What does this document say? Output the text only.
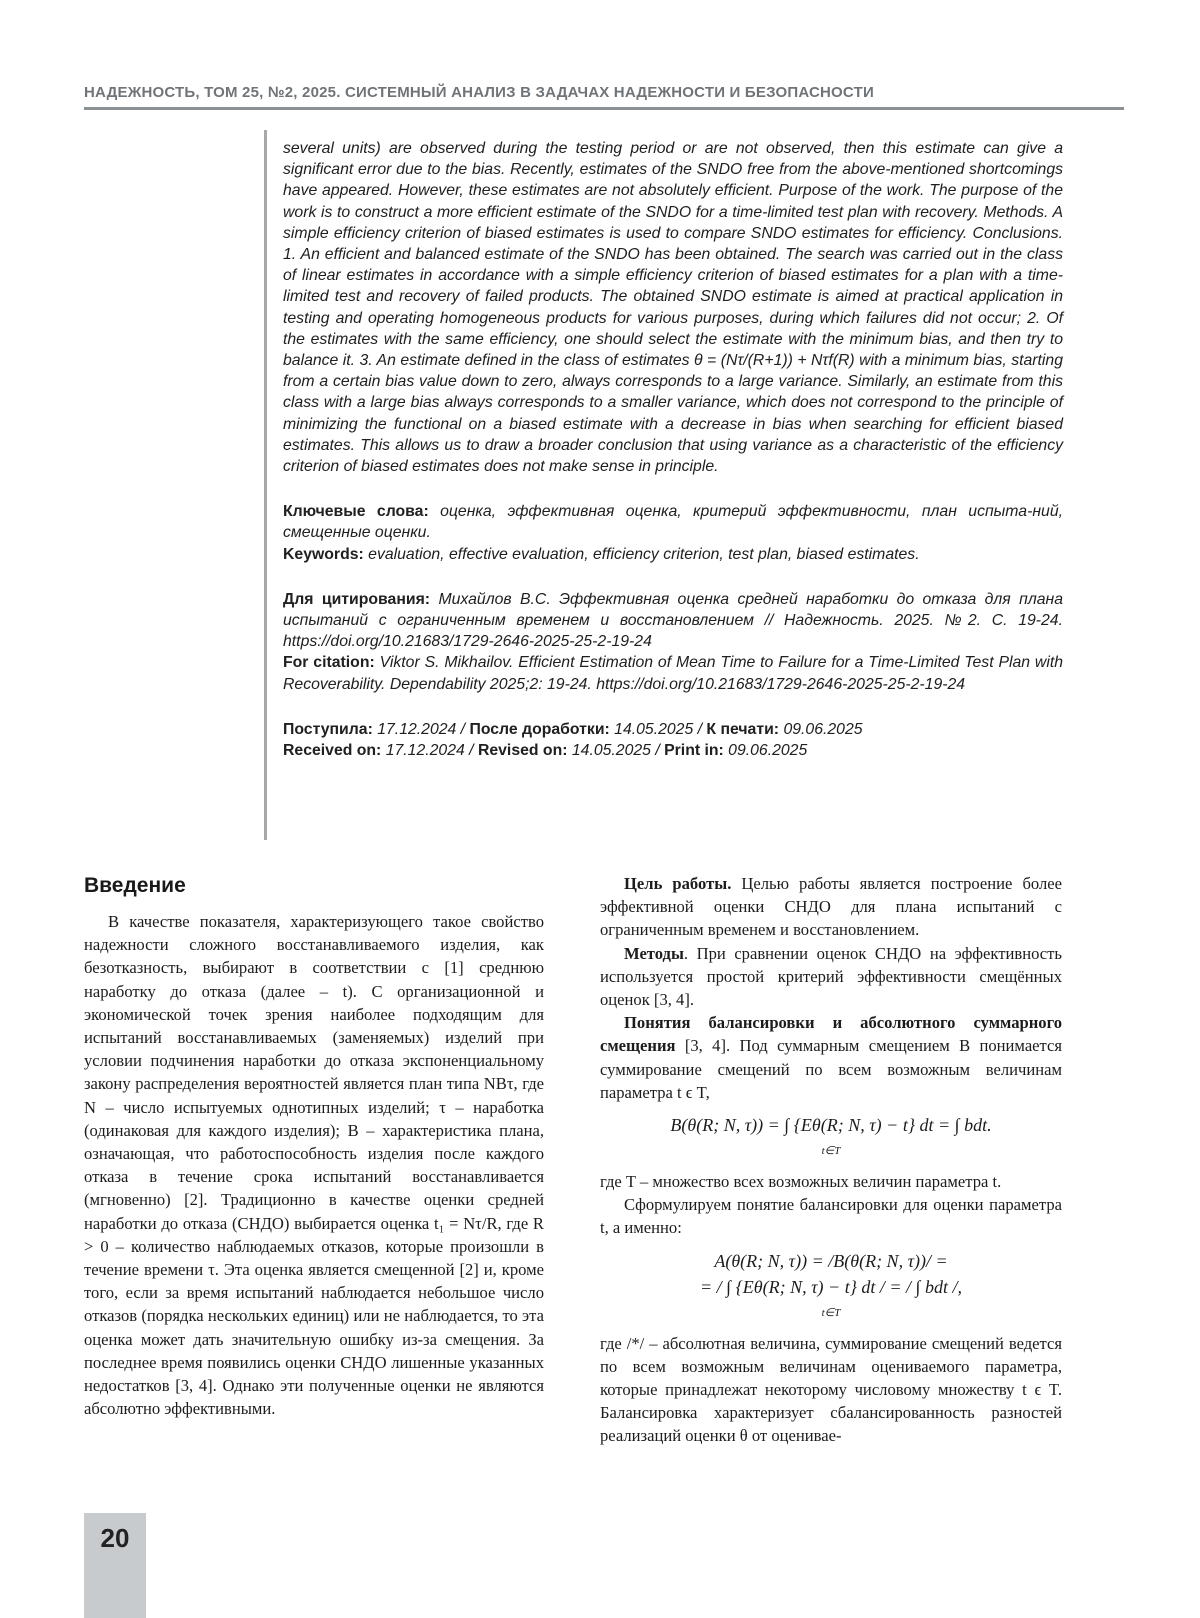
НАДЕЖНОСТЬ, ТОМ 25, №2, 2025. СИСТЕМНЫЙ АНАЛИЗ В ЗАДАЧАХ НАДЕЖНОСТИ И БЕЗОПАСНОСТИ

several units) are observed during the testing period or are not observed, then this estimate can give a significant error due to the bias. Recently, estimates of the SNDO free from the above-mentioned shortcomings have appeared. However, these estimates are not absolutely efficient. Purpose of the work. The purpose of the work is to construct a more efficient estimate of the SNDO for a time-limited test plan with recovery. Methods. A simple efficiency criterion of biased estimates is used to compare SNDO estimates for efficiency. Conclusions. 1. An efficient and balanced estimate of the SNDO has been obtained. The search was carried out in the class of linear estimates in accordance with a simple efficiency criterion of biased estimates for a plan with a time-limited test and recovery of failed products. The obtained SNDO estimate is aimed at practical application in testing and operating homogeneous products for various purposes, during which failures did not occur; 2. Of the estimates with the same efficiency, one should select the estimate with the minimum bias, and then try to balance it. 3. An estimate defined in the class of estimates θ = (Nτ/(R+1)) + Nτf(R) with a minimum bias, starting from a certain bias value down to zero, always corresponds to a large variance. Similarly, an estimate from this class with a large bias always corresponds to a smaller variance, which does not correspond to the principle of minimizing the functional on a biased estimate with a decrease in bias when searching for efficient biased estimates. This allows us to draw a broader conclusion that using variance as a characteristic of the efficiency criterion of biased estimates does not make sense in principle.

Ключевые слова: оценка, эффективная оценка, критерий эффективности, план испыта-ний, смещенные оценки.

Keywords: evaluation, effective evaluation, efficiency criterion, test plan, biased estimates.

Для цитирования: Михайлов В.С. Эффективная оценка средней наработки до отказа для плана испытаний с ограниченным временем и восстановлением // Надежность. 2025. №2. С. 19-24. https://doi.org/10.21683/1729-2646-2025-25-2-19-24

For citation: Viktor S. Mikhailov. Efficient Estimation of Mean Time to Failure for a Time-Limited Test Plan with Recoverability. Dependability 2025;2: 19-24. https://doi.org/10.21683/1729-2646-2025-25-2-19-24

Поступила: 17.12.2024 / После доработки: 14.05.2025 / К печати: 09.06.2025

Received on: 17.12.2024 / Revised on: 14.05.2025 / Print in: 09.06.2025

Введение

В качестве показателя, характеризующего такое свойство надежности сложного восстанавливаемого изделия, как безотказность, выбирают в соответствии с [1] среднюю наработку до отказа (далее – t). С организационной и экономической точек зрения наиболее подходящим для испытаний восстанавливаемых (заменяемых) изделий при условии подчинения наработки до отказа экспоненциальному закону распределения вероятностей является план типа NBτ, где N – число испытуемых однотипных изделий; τ – наработка (одинаковая для каждого изделия); B – характеристика плана, означающая, что работоспособность изделия после каждого отказа в течение срока испытаний восстанавливается (мгновенно) [2]. Традиционно в качестве оценки средней наработки до отказа (СНДО) выбирается оценка t₁ = Nτ/R, где R > 0 – количество наблюдаемых отказов, которые произошли в течение времени τ. Эта оценка является смещенной [2] и, кроме того, если за время испытаний наблюдается небольшое число отказов (порядка нескольких единиц) или не наблюдается, то эта оценка может дать значительную ошибку из-за смещения. За последнее время появились оценки СНДО лишенные указанных недостатков [3, 4]. Однако эти полученные оценки не являются абсолютно эффективными.

Цель работы. Целью работы является построение более эффективной оценки СНДО для плана испытаний с ограниченным временем и восстановлением.

Методы. При сравнении оценок СНДО на эффективность используется простой критерий эффективности смещённых оценок [3, 4].

Понятия балансировки и абсолютного суммарного смещения [3, 4]. Под суммарным смещением B понимается суммирование смещений по всем возможным величинам параметра t ϵ T,

B(θ(R; N, τ)) = ∫ {Eθ(R; N, τ) − t} dt = ∫ bdt.
t∈T

где T – множество всех возможных величин параметра t.

Сформулируем понятие балансировки для оценки параметра t, а именно:

A(θ(R; N, τ)) = /B(θ(R; N, τ))/ =
= / ∫ {Eθ(R; N, τ) − t} dt / = / ∫ bdt /,
t∈T

где /*/ – абсолютная величина, суммирование смещений ведется по всем возможным величинам оцениваемого параметра, которые принадлежат некоторому числовому множеству t ϵ T. Балансировка характеризует сбалансированность разностей реализаций оценки θ от оценивае-

20
